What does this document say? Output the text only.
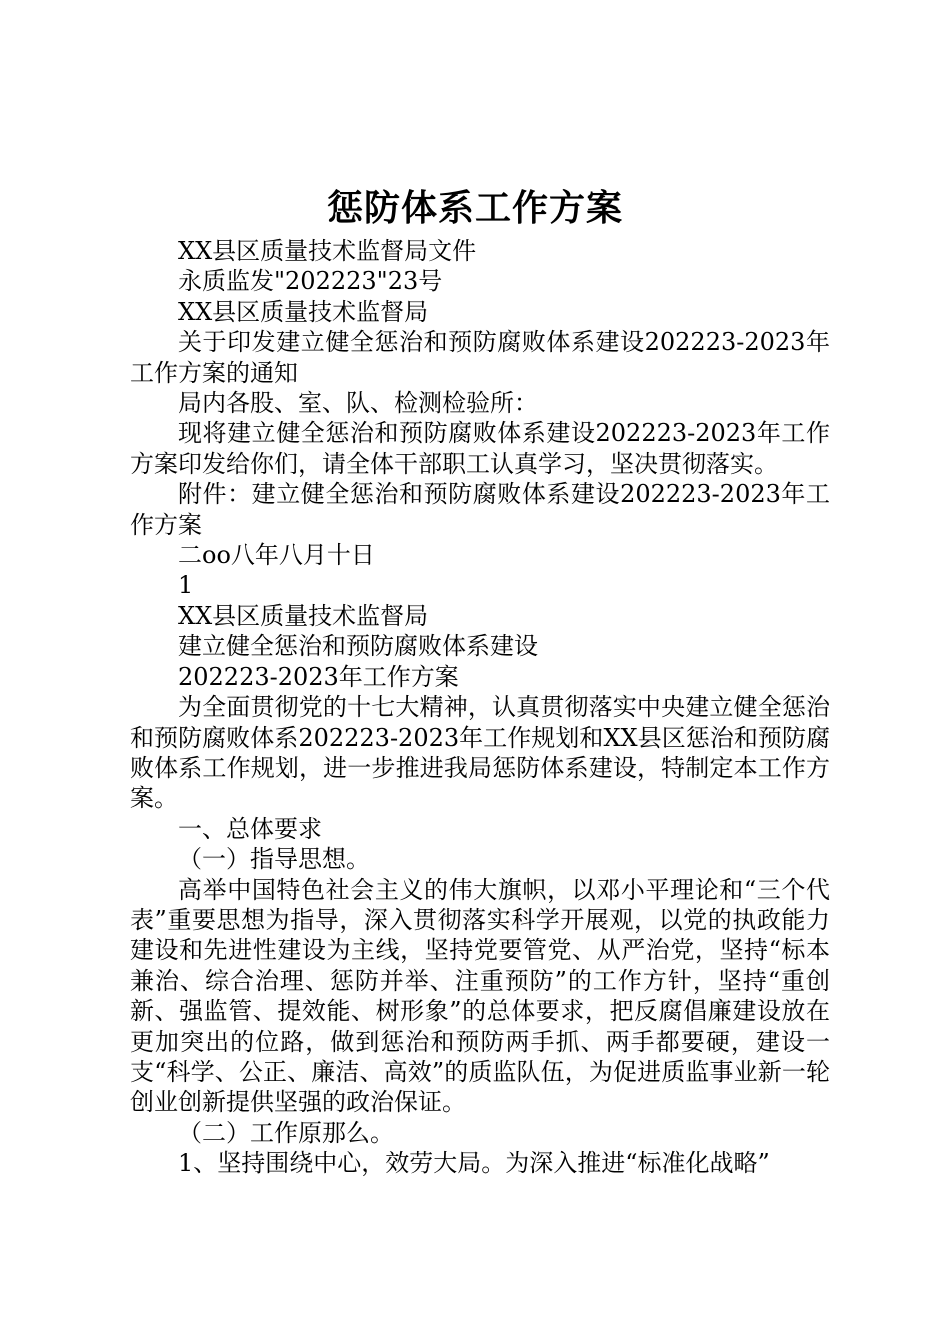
惩防体系工作方案

XX县区质量技术监督局文件

永质监发"202223"23号

XX县区质量技术监督局

关于印发建立健全惩治和预防腐败体系建设202223-2023年工作方案的通知

局内各股、室、队、检测检验所：

现将建立健全惩治和预防腐败体系建设202223-2023年工作方案印发给你们，请全体干部职工认真学习，坚决贯彻落实。

附件：建立健全惩治和预防腐败体系建设202223-2023年工作方案

二oo八年八月十日

1

XX县区质量技术监督局

建立健全惩治和预防腐败体系建设

202223-2023年工作方案

为全面贯彻党的十七大精神，认真贯彻落实中央建立健全惩治和预防腐败体系202223-2023年工作规划和XX县区惩治和预防腐败体系工作规划，进一步推进我局惩防体系建设，特制定本工作方案。

一、总体要求

（一）指导思想。

高举中国特色社会主义的伟大旗帜，以邓小平理论和“三个代表”重要思想为指导，深入贯彻落实科学开展观，以党的执政能力建设和先进性建设为主线，坚持党要管党、从严治党，坚持“标本兼治、综合治理、惩防并举、注重预防”的工作方针，坚持“重创新、强监管、提效能、树形象”的总体要求，把反腐倡廉建设放在更加突出的位路，做到惩治和预防两手抓、两手都要硬，建设一支“科学、公正、廉洁、高效”的质监队伍，为促进质监事业新一轮创业创新提供坚强的政治保证。

（二）工作原那么。

1、坚持围绕中心，效劳大局。为深入推进“标准化战略”
